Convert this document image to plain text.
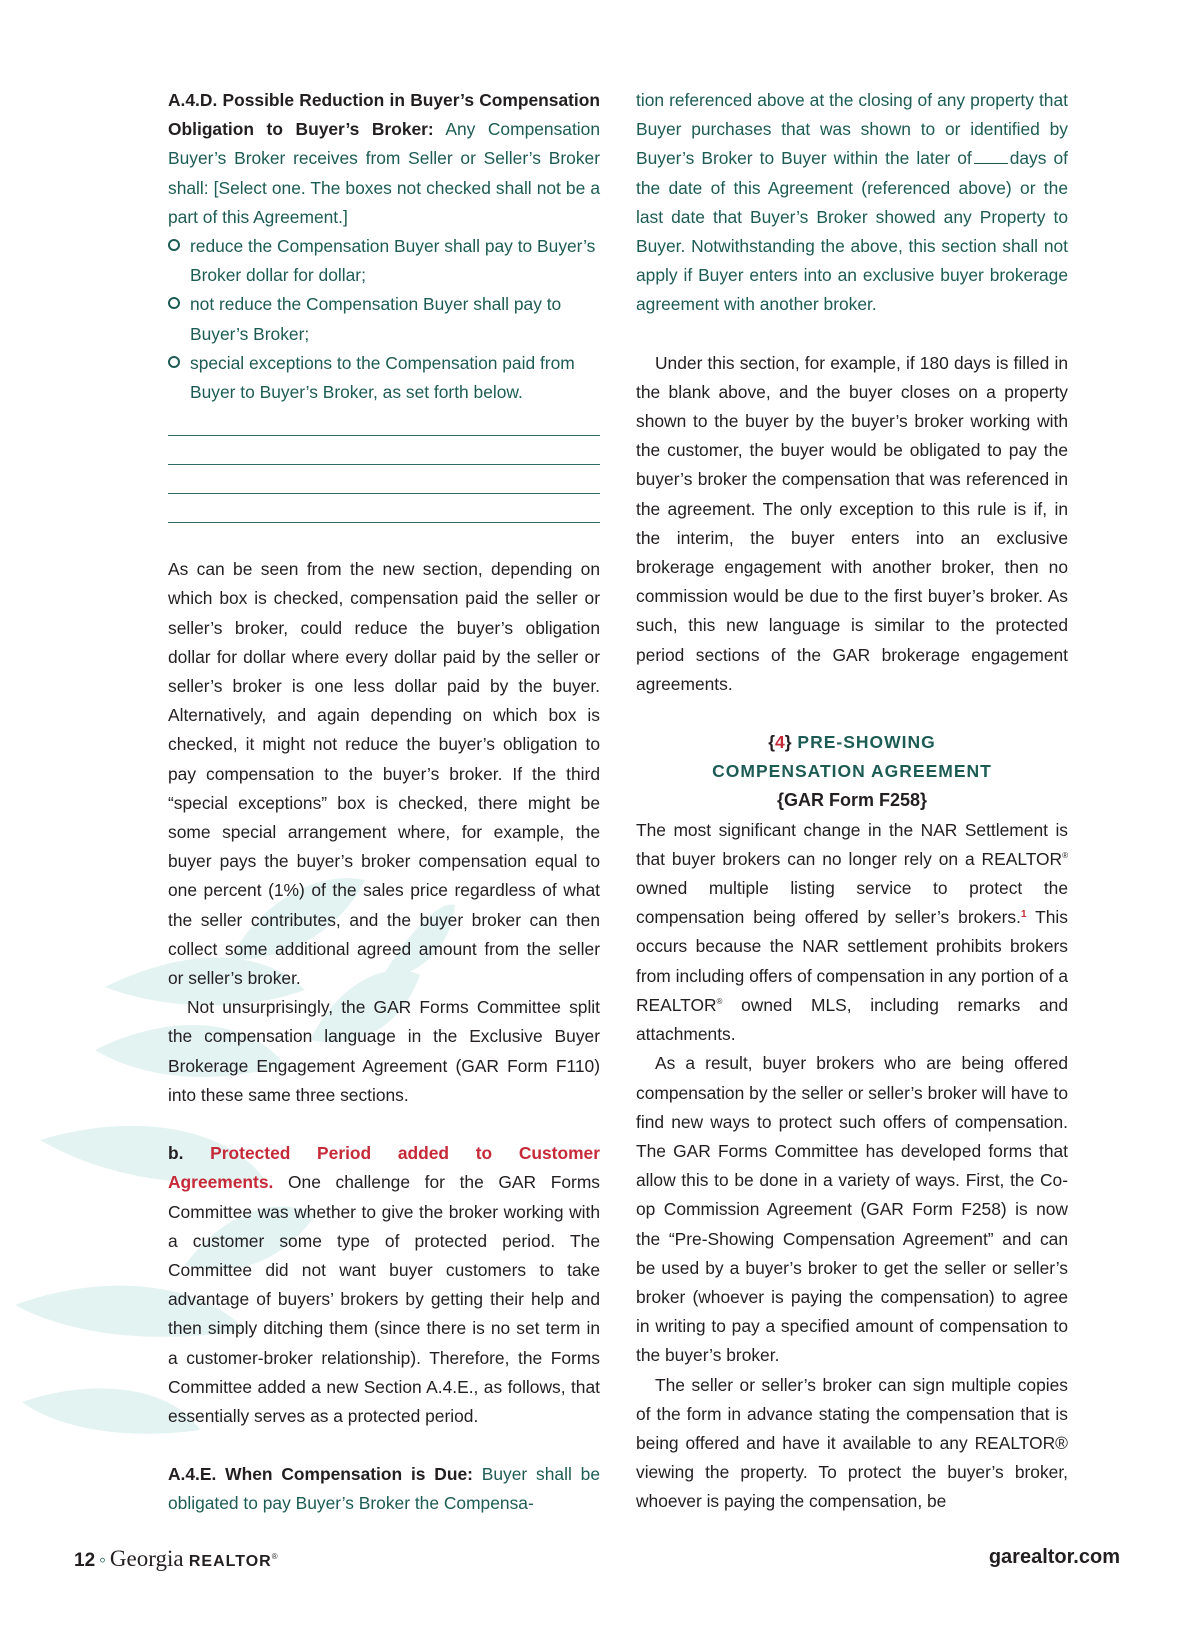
A.4.D. Possible Reduction in Buyer’s Compensation Obligation to Buyer’s Broker: Any Compensation Buyer’s Broker receives from Seller or Seller’s Broker shall: [Select one. The boxes not checked shall not be a part of this Agreement.]

reduce the Compensation Buyer shall pay to Buyer’s Broker dollar for dollar;
not reduce the Compensation Buyer shall pay to Buyer’s Broker;
special exceptions to the Compensation paid from Buyer to Buyer’s Broker, as set forth below.

As can be seen from the new section, depending on which box is checked, compensation paid the seller or seller’s broker, could reduce the buyer’s obligation dollar for dollar where every dollar paid by the seller or seller’s broker is one less dollar paid by the buyer. Alternatively, and again depending on which box is checked, it might not reduce the buyer’s obligation to pay compensation to the buyer’s broker. If the third “special exceptions” box is checked, there might be some special arrangement where, for example, the buyer pays the buyer’s broker compensation equal to one percent (1%) of the sales price regardless of what the seller contributes, and the buyer broker can then collect some additional agreed amount from the seller or seller’s broker.

Not unsurprisingly, the GAR Forms Committee split the compensation language in the Exclusive Buyer Brokerage Engagement Agreement (GAR Form F110) into these same three sections.

b. Protected Period added to Customer Agreements. One challenge for the GAR Forms Committee was whether to give the broker working with a customer some type of protected period. The Committee did not want buyer customers to take advantage of buyers’ brokers by getting their help and then simply ditching them (since there is no set term in a customer-broker relationship). Therefore, the Forms Committee added a new Section A.4.E., as follows, that essentially serves as a protected period.

A.4.E. When Compensation is Due: Buyer shall be obligated to pay Buyer’s Broker the Compensa-

tion referenced above at the closing of any property that Buyer purchases that was shown to or identified by Buyer’s Broker to Buyer within the later of days of the date of this Agreement (referenced above) or the last date that Buyer’s Broker showed any Property to Buyer. Notwithstanding the above, this section shall not apply if Buyer enters into an exclusive buyer brokerage agreement with another broker.

Under this section, for example, if 180 days is filled in the blank above, and the buyer closes on a property shown to the buyer by the buyer’s broker working with the customer, the buyer would be obligated to pay the buyer’s broker the compensation that was referenced in the agreement. The only exception to this rule is if, in the interim, the buyer enters into an exclusive brokerage engagement with another broker, then no commission would be due to the first buyer’s broker. As such, this new language is similar to the protected period sections of the GAR brokerage engagement agreements.

{4} PRE-SHOWING
COMPENSATION AGREEMENT
{GAR Form F258}

The most significant change in the NAR Settlement is that buyer brokers can no longer rely on a REALTOR® owned multiple listing service to protect the compensation being offered by seller’s brokers.$^1$ This occurs because the NAR settlement prohibits brokers from including offers of compensation in any portion of a REALTOR® owned MLS, including remarks and attachments.

As a result, buyer brokers who are being offered compensation by the seller or seller’s broker will have to find new ways to protect such offers of compensation. The GAR Forms Committee has developed forms that allow this to be done in a variety of ways. First, the Co-op Commission Agreement (GAR Form F258) is now the “Pre-Showing Compensation Agreement” and can be used by a buyer’s broker to get the seller or seller’s broker (whoever is paying the compensation) to agree in writing to pay a specified amount of compensation to the buyer’s broker.

The seller or seller’s broker can sign multiple copies of the form in advance stating the compensation that is being offered and have it available to any REALTOR® viewing the property. To protect the buyer’s broker, whoever is paying the compensation, be

12 ◦ Georgia REALTOR®	garealtor.com
